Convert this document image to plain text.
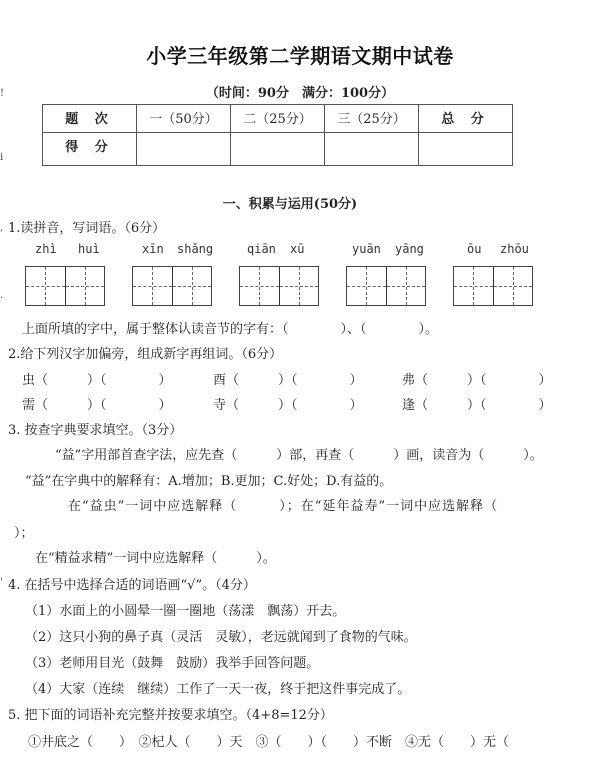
!
i
,
.
'
小学三年级第二学期语文期中试卷
（时间：90分　满分：100分）
题 次	一（50分）	二（25分）	三（25分）	总 分
得 分				
一、积累与运用(50分)
1.读拼音，写词语。（6分）
zhì huì	xīn shǎng	qiān xū	yuān yāng	ōu zhōu
上面所填的字中，属于整体认读音节的字有：（　　　　）、（　　　　）。
2.给下列汉字加偏旁，组成新字再组词。（6分）
虫（　　　）（　　　　）	酉（　　　）（　　　　）	弗（　　　）（　　　　）
需（　　　）（　　　　）	寺（　　　）（　　　　）	逢（　　　）（　　　　）
3. 按查字典要求填空。（3分）
“益”字用部首查字法，应先查（　　　）部，再查（　　　）画，读音为（　　　）。
“益”在字典中的解释有：A.增加；B.更加；C.好处；D.有益的。
在“益虫”一词中应选解释（　　　）；在“延年益寿”一词中应选解释（
）；
在“精益求精”一词中应选解释（　　　）。
4. 在括号中选择合适的词语画“√”。（4分）
（1）水面上的小圆晕一圈一圈地（荡漾　飘荡）开去。
（2）这只小狗的鼻子真（灵活　灵敏），老远就闻到了食物的气味。
（3）老师用目光（鼓舞　鼓励）我举手回答问题。
（4）大家（连续　继续）工作了一天一夜，终于把这件事完成了。
5. 把下面的词语补充完整并按要求填空。（4+8=12分）
①井底之（　　）　②杞人（　　）天　③（　　）（　　）不断　④无（　　）无（
